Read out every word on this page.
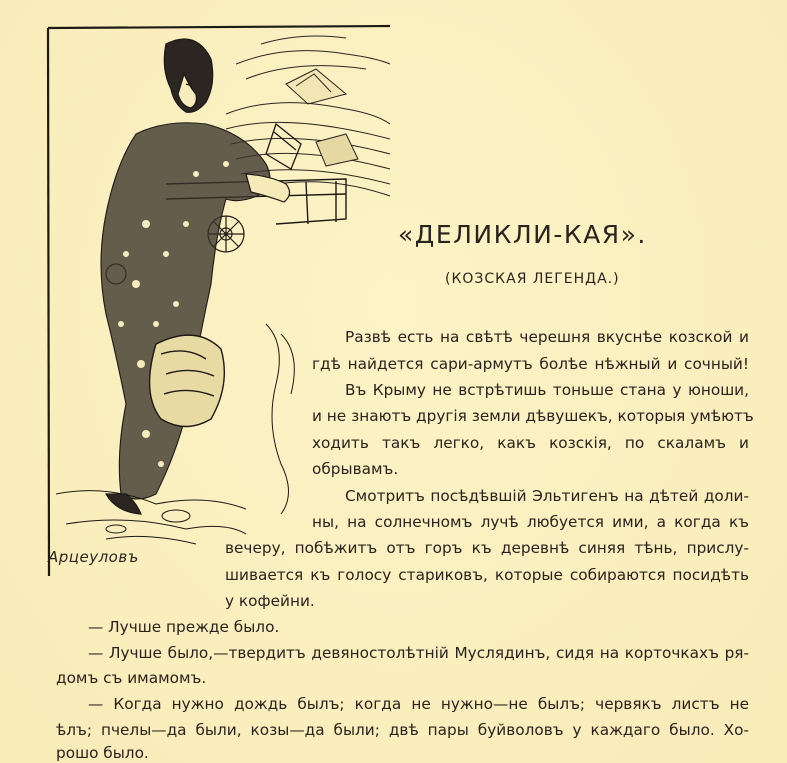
Арцеуловъ
«ДЕЛИКЛИ-КАЯ».
(КОЗСКАЯ ЛЕГЕНДА.)
Развѣ есть на свѣтѣ черешня вкуснѣе козской и
гдѣ найдется сари-армутъ болѣе нѣжный и сочный!
Въ Крыму не встрѣтишь тоньше стана у юноши,
и не знаютъ другія земли дѣвушекъ, которыя умѣютъ
ходить такъ легко, какъ козскія, по скаламъ и
обрывамъ.
Смотритъ посѣдѣвшій Эльтигенъ на дѣтей доли-
ны, на солнечномъ лучѣ любуется ими, а когда къ
вечеру, побѣжитъ отъ горъ къ деревнѣ синяя тѣнь, прислу-
шивается къ голосу стариковъ, которые собираются посидѣть
у кофейни.
— Лучше прежде было.
— Лучше было,—твердитъ девяностолѣтній Муслядинъ, сидя на корточкахъ ря-
домъ съ имамомъ.
— Когда нужно дождь былъ; когда не нужно—не былъ; червякъ листъ не
ѣлъ; пчелы—да были, козы—да были; двѣ пары буйволовъ у каждаго было. Хо-
рошо было.
